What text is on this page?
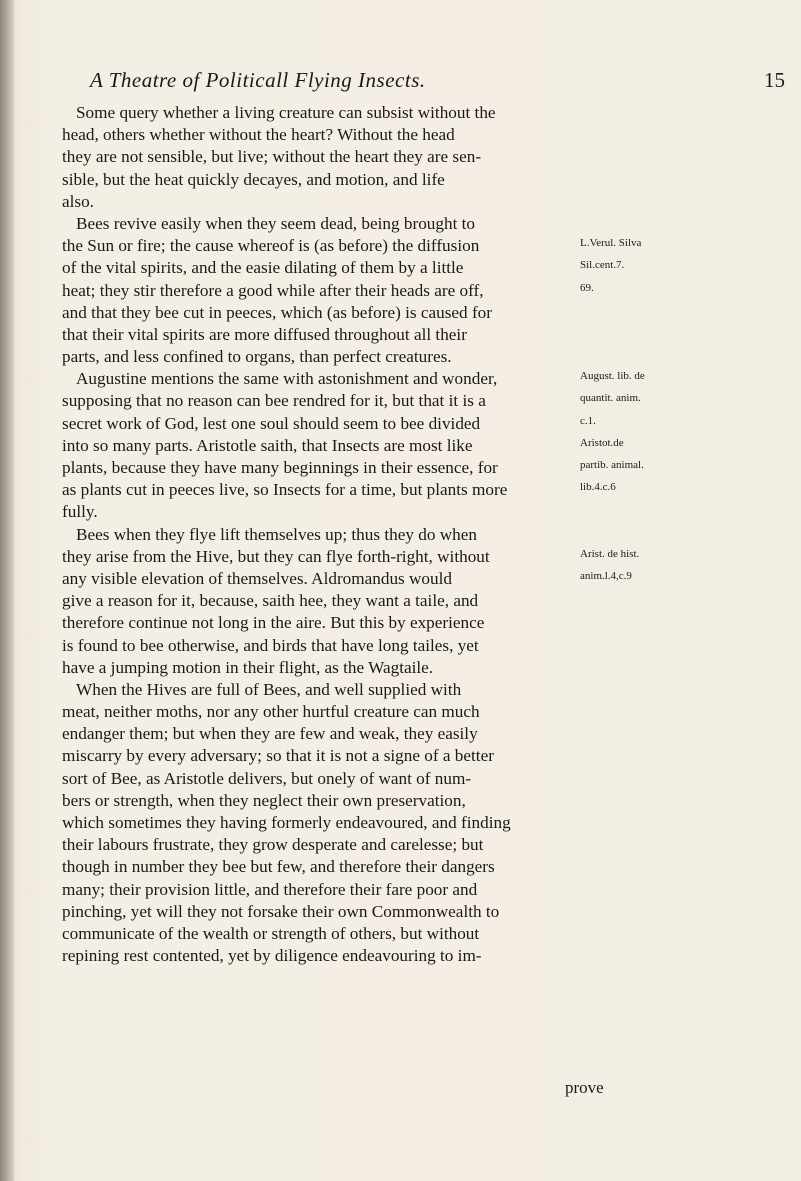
A Theatre of Politicall Flying Insects.	15
Some query whether a living creature can subsist without the
head, others whether without the heart? Without the head
they are not sensible, but live; without the heart they are sen-
sible, but the heat quickly decayes, and motion, and life
also.
Bees revive easily when they seem dead, being brought to
the Sun or fire; the cause whereof is (as before) the diffusion	L.Verul. Silva
of the vital spirits, and the easie dilating of them by a little	Sil.cent.7.
heat; they stir therefore a good while after their heads are off,	69.
and that they bee cut in peeces, which (as before) is caused for
that their vital spirits are more diffused throughout all their
parts, and less confined to organs, than perfect creatures.
Augustine mentions the same with astonishment and wonder,	August. lib. de
supposing that no reason can bee rendred for it, but that it is a	quantit. anim.
secret work of God, lest one soul should seem to bee divided	c.1.
into so many parts. Aristotle saith, that Insects are most like	Aristot.de
plants, because they have many beginnings in their essence, for	partib. animal.
as plants cut in peeces live, so Insects for a time, but plants more	lib.4.c.6
fully.
Bees when they flye lift themselves up; thus they do when
they arise from the Hive, but they can flye forth-right, without	Arist. de hist.
any visible elevation of themselves. Aldromandus would	anim.l.4,c.9
give a reason for it, because, saith hee, they want a taile, and
therefore continue not long in the aire. But this by experience
is found to bee otherwise, and birds that have long tailes, yet
have a jumping motion in their flight, as the Wagtaile.
When the Hives are full of Bees, and well supplied with
meat, neither moths, nor any other hurtful creature can much
endanger them; but when they are few and weak, they easily
miscarry by every adversary; so that it is not a signe of a better
sort of Bee, as Aristotle delivers, but onely of want of num-
bers or strength, when they neglect their own preservation,
which sometimes they having formerly endeavoured, and finding
their labours frustrate, they grow desperate and carelesse; but
though in number they bee but few, and therefore their dangers
many; their provision little, and therefore their fare poor and
pinching, yet will they not forsake their own Commonwealth to
communicate of the wealth or strength of others, but without
repining rest contented, yet by diligence endeavouring to im-
prove
